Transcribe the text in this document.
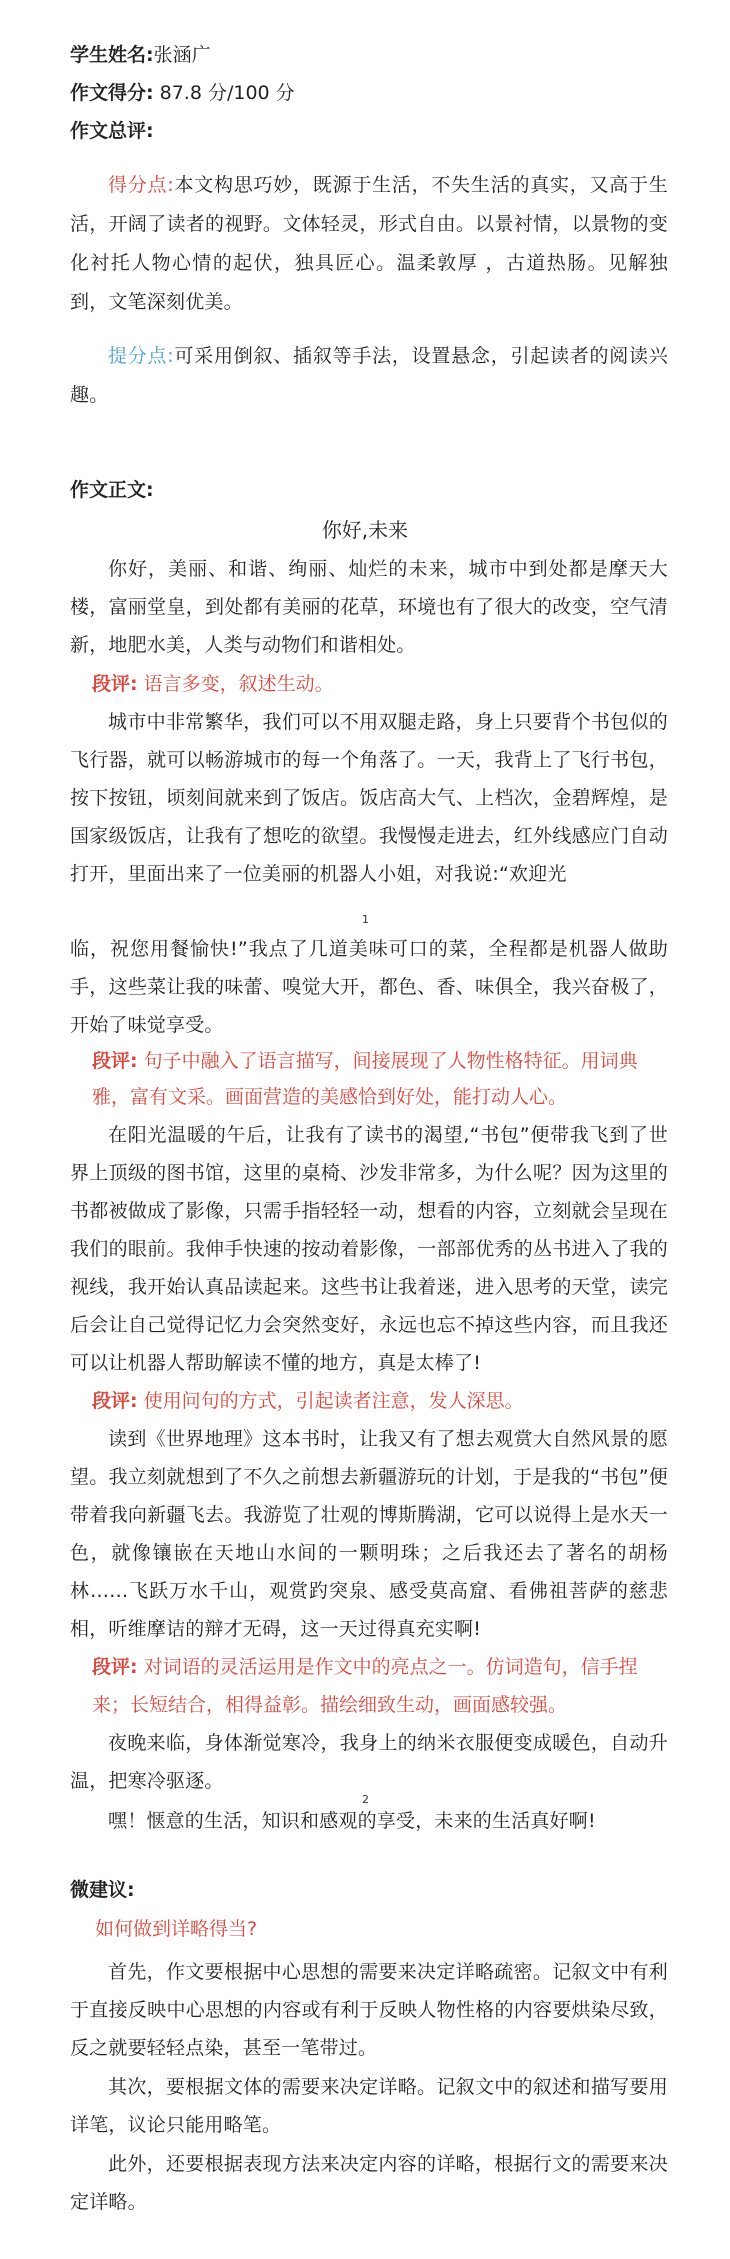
学生姓名:张涵广
作文得分: 87.8 分/100 分
作文总评:
得分点:本文构思巧妙，既源于生活，不失生活的真实，又高于生活，开阔了读者的视野。文体轻灵，形式自由。以景衬情，以景物的变化衬托人物心情的起伏，独具匠心。温柔敦厚 ，古道热肠。见解独到，文笔深刻优美。
提分点:可采用倒叙、插叙等手法，设置悬念，引起读者的阅读兴趣。
作文正文:
你好,未来
你好，美丽、和谐、绚丽、灿烂的未来，城市中到处都是摩天大楼，富丽堂皇，到处都有美丽的花草，环境也有了很大的改变，空气清新，地肥水美，人类与动物们和谐相处。
段评: 语言多变，叙述生动。
城市中非常繁华，我们可以不用双腿走路，身上只要背个书包似的飞行器，就可以畅游城市的每一个角落了。一天，我背上了飞行书包，按下按钮，顷刻间就来到了饭店。饭店高大气、上档次，金碧辉煌，是国家级饭店，让我有了想吃的欲望。我慢慢走进去，红外线感应门自动打开，里面出来了一位美丽的机器人小姐，对我说:“欢迎光
1
临，祝您用餐愉快!”我点了几道美味可口的菜，全程都是机器人做助手，这些菜让我的味蕾、嗅觉大开，都色、香、味俱全，我兴奋极了，开始了味觉享受。
段评: 句子中融入了语言描写，间接展现了人物性格特征。用词典雅，富有文采。画面营造的美感恰到好处，能打动人心。
在阳光温暖的午后，让我有了读书的渴望,“书包”便带我飞到了世界上顶级的图书馆，这里的桌椅、沙发非常多，为什么呢？因为这里的书都被做成了影像，只需手指轻轻一动，想看的内容，立刻就会呈现在我们的眼前。我伸手快速的按动着影像，一部部优秀的丛书进入了我的视线，我开始认真品读起来。这些书让我着迷，进入思考的天堂，读完后会让自己觉得记忆力会突然变好，永远也忘不掉这些内容，而且我还可以让机器人帮助解读不懂的地方，真是太棒了!
段评: 使用问句的方式，引起读者注意，发人深思。
读到《世界地理》这本书时，让我又有了想去观赏大自然风景的愿望。我立刻就想到了不久之前想去新疆游玩的计划，于是我的“书包”便带着我向新疆飞去。我游览了壮观的博斯腾湖，它可以说得上是水天一色，就像镶嵌在天地山水间的一颗明珠；之后我还去了著名的胡杨林……飞跃万水千山，观赏趵突泉、感受莫高窟、看佛祖菩萨的慈悲相，听维摩诘的辩才无碍，这一天过得真充实啊!
段评: 对词语的灵活运用是作文中的亮点之一。仿词造句，信手捏来；长短结合，相得益彰。描绘细致生动，画面感较强。
夜晚来临，身体渐觉寒冷，我身上的纳米衣服便变成暖色，自动升温，把寒冷驱逐。
嘿！惬意的生活，知识和感观的享受，未来的生活真好啊!
2
微建议:
如何做到详略得当?
首先，作文要根据中心思想的需要来决定详略疏密。记叙文中有利于直接反映中心思想的内容或有利于反映人物性格的内容要烘染尽致，反之就要轻轻点染，甚至一笔带过。
其次，要根据文体的需要来决定详略。记叙文中的叙述和描写要用详笔，议论只能用略笔。
此外，还要根据表现方法来决定内容的详略，根据行文的需要来决定详略。
